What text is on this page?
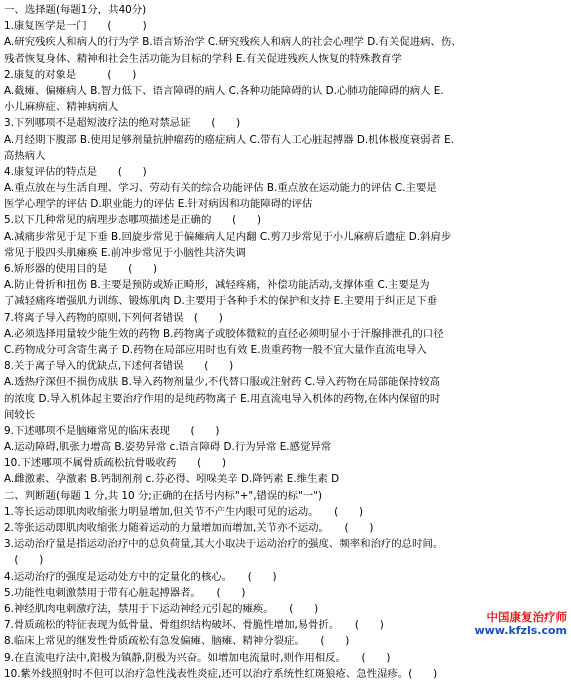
一、选择题(每题1分，共40分)
1.康复医学是一门　　(　　　)
A.研究残疾人和病人的行为学 B.语言矫治学 C.研究残疾人和病人的社会心理学 D.有关促进病、伤、
残者恢复身体、精神和社会生活功能为目标的学科 E.有关促进残疾人恢复的特殊教育学
2.康复的对象是　　　(　　)
A.截瘫、偏瘫病人 B.智力低下、语言障碍的病人 C.各种功能障碍的认 D.心肺功能障碍的病人 E.
小儿麻痹症、精神病病人
3.下列哪项不是超短波疗法的绝对禁忌证　　(　　)
A.月经期下腹部 B.使用足够剂量抗肿瘤药的癌症病人 C.带有人工心脏起搏器 D.机体极度衰弱者 E.
高热病人
4.康复评估的特点是　　(　　)
A.重点放在与生活自理、学习、劳动有关的综合功能评估 B.重点放在运动能力的评估 C.主要是
医学心理学的评估 D.职业能力的评估 E.针对病因和功能障碍的评估
5.以下几种常见的病理步态哪项描述是正确的　　(　　)
A.减痛步常见于足下垂 B.回旋步常见于偏瘫病人足内翻 C.剪刀步常见于小儿麻痹后遗症 D.斜肩步
常见于股四头肌瘫痪 E.前冲步常见于小脑性共济失调
6.矫形器的使用目的是　　(　　)
A.防止骨折和扭伤 B.主要是预防或矫正畸形，减轻疼痛，补偿功能活动,支撑体重 C.主要是为
了减轻痛疼增强肌力训练、锻炼肌肉 D.主要用于各种手术的保护和支持 E.主要用于纠正足下垂
7.将离子导入药物的原则,下列何者错误　(　　)
A.必须选择用量较少能生效的药物 B.药物离子或胶体微粒的直径必须明显小于汗腺排泄孔的口径
C.药物成分可含寄生离子 D.药物在局部应用时也有效 E.贵重药物一般不宜大量作直流电导入
8.关于离子导入的优缺点,下述何者错误　　(　　)
A.透热疗深但不损伤成肤 B.导入药物剂量少,不代替口服或注射药 C.导入药物在局部能保持较高
的浓度 D.导入机体起主要治疗作用的是纯药物离子 E.用直流电导入机体的药物,在体内保留的时
间较长
9.下述哪项不是脑瘫常见的临床表现　　(　　)
A.运动障碍,肌张力增高 B.姿势异常 c.语言障碍 D.行为异常 E.感觉异常
10.下述哪项不属骨质疏松抗骨吸收药　　(　　)
A.雌激素、孕激素 B.钙制剂剂 c.芬必得、吲哚美辛 D.降钙素 E.维生素 D
二、判断题(每题 1 分,共 10 分;正确的在括号内标"+",错误的标"一")
1.等长运动即肌肉收缩张力明显增加,但关节不产生内眼可见的运动。　　(　　)
2.等张运动即肌肉收缩张力随着运动的力量增加而增加,关节亦不运动。　　(　　)
3.运动治疗量是指运动治疗中的总负荷量,其大小取决于运动治疗的强度、频率和治疗的总时间。
　(　　)
4.运动治疗的强度是运动处方中的定量化的核心。　　(　　)
5.功能性电刺激禁用于带有心脏起搏器者。　　(　　)
6.神经肌肉电刺激疗法，禁用于下运动神经元引起的瘫痪。　　(　　)
7.骨质疏松的特征表现为低骨量、骨组织结构破坏、骨脆性增加,易骨折。　　(　　)
8.临床上常见的继发性骨质疏松有急发偏瘫、脑瘫、精神分裂症。　　(　　)
9.在直流电疗法中,阳极为镇静,阴极为兴奋。如增加电流量时,则作用相反。　　(　　)
10.紫外线照射时不但可以治疗急性浅表性炎症,还可以治疗系统性红斑狼疮、急性湿疹。(　　)
中国康复治疗师
www.kfzls.com
